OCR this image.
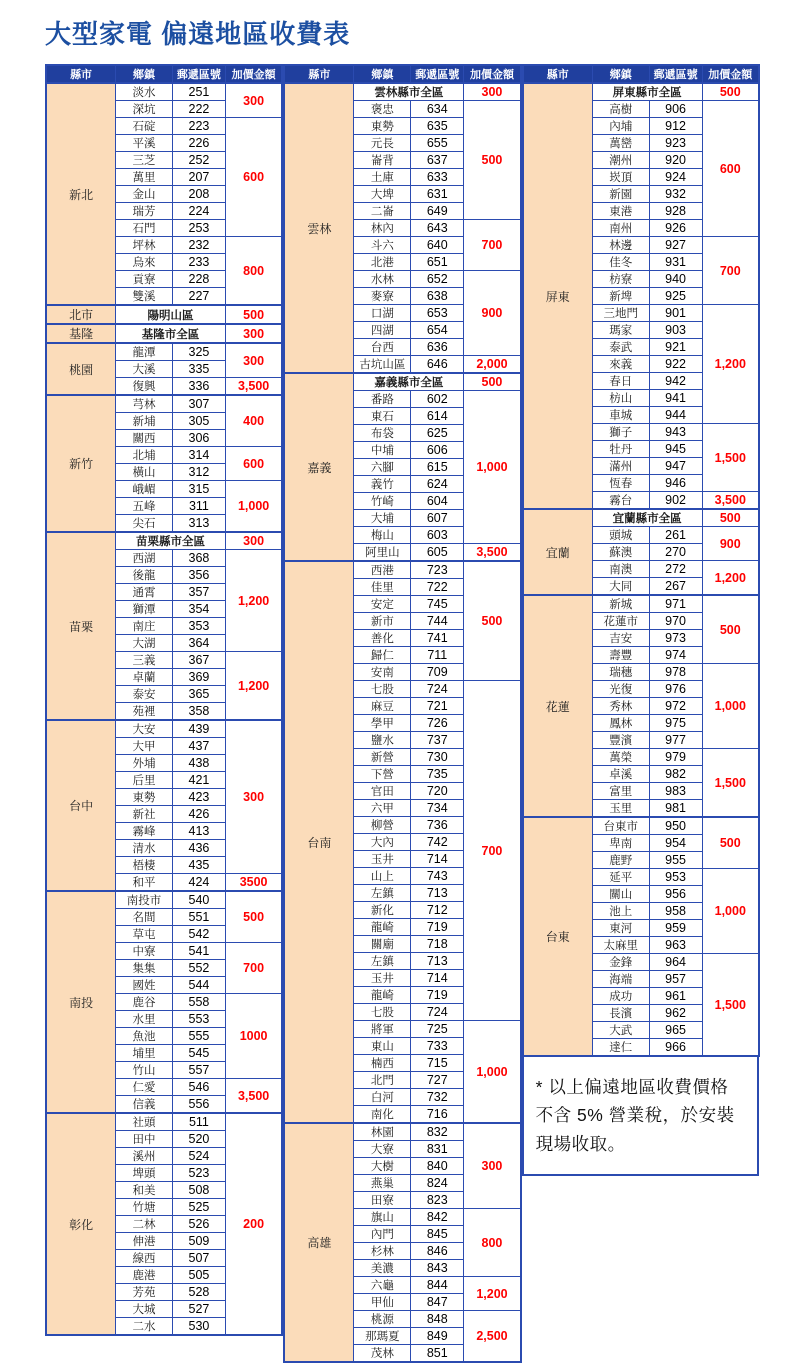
大型家電 偏遠地區收費表
縣市	鄉鎮	郵遞區號	加價金額
新北	淡水	251	300
	深坑	222	
	石碇	223	600
	平溪	226	
	三芝	252	
	萬里	207	
	金山	208	
	瑞芳	224	
	石門	253	
	坪林	232	800
	烏來	233	
	貢寮	228	
	雙溪	227	
北市	陽明山區		500
基隆	基隆市全區		300
桃園	龍潭	325	300
	大溪	335	
	復興	336	3,500
新竹	芎林	307	400
	新埔	305	
	關西	306	
	北埔	314	600
	橫山	312	
	峨嵋	315	1,000
	五峰	311	
	尖石	313	
苗栗	苗栗縣市全區		300
	西湖	368	1,200
	後龍	356	
	通霄	357	
	獅潭	354	
	南庄	353	
	大湖	364	
	三義	367	1,200
	卓蘭	369	
	泰安	365	
	苑裡	358	
台中	大安	439	300
	大甲	437	
	外埔	438	
	后里	421	
	東勢	423	
	新社	426	
	霧峰	413	
	清水	436	
	梧棲	435	
	和平	424	3500
南投	南投市	540	500
	名間	551	
	草屯	542	
	中寮	541	700
	集集	552	
	國姓	544	
	鹿谷	558	1000
	水里	553	
	魚池	555	
	埔里	545	
	竹山	557	
	仁愛	546	3,500
	信義	556	
彰化	社頭	511	200
	田中	520	
	溪州	524	
	埤頭	523	
	和美	508	
	竹塘	525	
	二林	526	
	伸港	509	
	線西	507	
	鹿港	505	
	芳苑	528	
	大城	527	
	二水	530	
縣市	鄉鎮	郵遞區號	加價金額
雲林	雲林縣市全區		300
	褒忠	634	500
	東勢	635	
	元長	655	
	崙背	637	
	土庫	633	
	大埤	631	
	二崙	649	
	林內	643	700
	斗六	640	
	北港	651	
	水林	652	900
	麥寮	638	
	口湖	653	
	四湖	654	
	台西	636	
	古坑山區	646	2,000
嘉義	嘉義縣市全區		500
	番路	602	1,000
	東石	614	
	布袋	625	
	中埔	606	
	六腳	615	
	義竹	624	
	竹崎	604	
	大埔	607	
	梅山	603	
	阿里山	605	3,500
台南	西港	723	500
	佳里	722	
	安定	745	
	新市	744	
	善化	741	
	歸仁	711	
	安南	709	
	七股	724	700
	麻豆	721	
	學甲	726	
	鹽水	737	
	新營	730	
	下營	735	
	官田	720	
	六甲	734	
	柳營	736	
	大內	742	
	玉井	714	
	山上	743	
	左鎮	713	
	新化	712	
	龍崎	719	
	關廟	718	
	左鎮	713	
	玉井	714	
	龍崎	719	
	七股	724	
	將軍	725	1,000
	東山	733	
	楠西	715	
	北門	727	
	白河	732	
	南化	716	
高雄	林園	832	300
	大寮	831	
	大樹	840	
	燕巢	824	
	田寮	823	
	旗山	842	800
	內門	845	
	杉林	846	
	美濃	843	
	六龜	844	1,200
	甲仙	847	
	桃源	848	2,500
	那瑪夏	849	
	茂林	851	
縣市	鄉鎮	郵遞區號	加價金額
屏東	屏東縣市全區		500
	高樹	906	600
	內埔	912	
	萬巒	923	
	潮州	920	
	崁頂	924	
	新園	932	
	東港	928	
	南州	926	
	林邊	927	700
	佳冬	931	
	枋寮	940	
	新埤	925	
	三地門	901	1,200
	瑪家	903	
	泰武	921	
	來義	922	
	春日	942	
	枋山	941	
	車城	944	
	獅子	943	1,500
	牡丹	945	
	滿州	947	
	恆春	946	
	霧台	902	3,500
宜蘭	宜蘭縣市全區		500
	頭城	261	900
	蘇澳	270	
	南澳	272	1,200
	大同	267	
花蓮	新城	971	500
	花蓮市	970	
	吉安	973	
	壽豐	974	
	瑞穗	978	1,000
	光復	976	
	秀林	972	
	鳳林	975	
	豐濱	977	
	萬榮	979	1,500
	卓溪	982	
	富里	983	
	玉里	981	
台東	台東市	950	500
	卑南	954	
	鹿野	955	
	延平	953	1,000
	關山	956	
	池上	958	
	東河	959	
	太麻里	963	
	金鋒	964	1,500
	海端	957	
	成功	961	
	長濱	962	
	大武	965	
	達仁	966	
* 以上偏遠地區收費價格不含 5% 營業稅，於安裝現場收取。
